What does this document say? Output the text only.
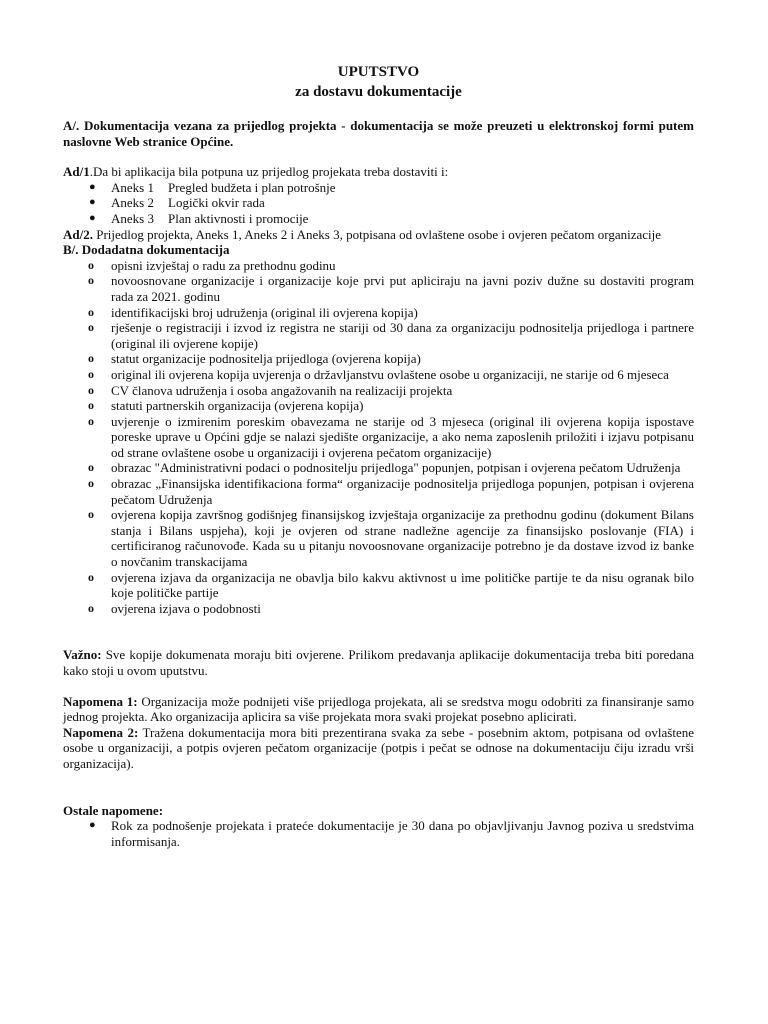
UPUTSTVO
za dostavu dokumentacije

A/. Dokumentacija vezana za prijedlog projekta - dokumentacija se može preuzeti u elektronskoj formi putem naslovne Web stranice Općine.

Ad/1.Da bi aplikacija bila potpuna uz prijedlog projekata treba dostaviti i:
● Aneks 1 Pregled budžeta i plan potrošnje
● Aneks 2 Logički okvir rada
● Aneks 3 Plan aktivnosti i promocije

Ad/2. Prijedlog projekta, Aneks 1, Aneks 2 i Aneks 3, potpisana od ovlaštene osobe i ovjeren pečatom organizacije

B/. Dodadatna dokumentacija
o opisni izvještaj o radu za prethodnu godinu
o novoosnovane organizacije i organizacije koje prvi put apliciraju na javni poziv dužne su dostaviti program rada za 2021. godinu
o identifikacijski broj udruženja (original ili ovjerena kopija)
o rješenje o registraciji i izvod iz registra ne stariji od 30 dana za organizaciju podnositelja prijedloga i partnere (original ili ovjerene kopije)
o statut organizacije podnositelja prijedloga (ovjerena kopija)
o original ili ovjerena kopija uvjerenja o državljanstvu ovlaštene osobe u organizaciji, ne starije od 6 mjeseca
o CV članova udruženja i osoba angažovanih na realizaciji projekta
o statuti partnerskih organizacija (ovjerena kopija)
o uvjerenje o izmirenim poreskim obavezama ne starije od 3 mjeseca (original ili ovjerena kopija ispostave poreske uprave u Općini gdje se nalazi sjedište organizacije, a ako nema zaposlenih priložiti i izjavu potpisanu od strane ovlaštene osobe u organizaciji i ovjerena pečatom organizacije)
o obrazac "Administrativni podaci o podnositelju prijedloga" popunjen, potpisan i ovjerena pečatom Udruženja
o obrazac „Finansijska identifikaciona forma“ organizacije podnositelja prijedloga popunjen, potpisan i ovjerena pečatom Udruženja
o ovjerena kopija završnog godišnjeg finansijskog izvještaja organizacije za prethodnu godinu (dokument Bilans stanja i Bilans uspjeha), koji je ovjeren od strane nadležne agencije za finansijsko poslovanje (FIA) i certificiranog računovođe. Kada su u pitanju novoosnovane organizacije potrebno je da dostave izvod iz banke o novčanim transkacijama
o ovjerena izjava da organizacija ne obavlja bilo kakvu aktivnost u ime političke partije te da nisu ogranak bilo koje političke partije
o ovjerena izjava o podobnosti

Važno: Sve kopije dokumenata moraju biti ovjerene. Prilikom predavanja aplikacije dokumentacija treba biti poredana kako stoji u ovom uputstvu.

Napomena 1: Organizacija može podnijeti više prijedloga projekata, ali se sredstva mogu odobriti za finansiranje samo jednog projekta. Ako organizacija aplicira sa više projekata mora svaki projekat posebno aplicirati.

Napomena 2: Tražena dokumentacija mora biti prezentirana svaka za sebe - posebnim aktom, potpisana od ovlaštene osobe u organizaciji, a potpis ovjeren pečatom organizacije (potpis i pečat se odnose na dokumentaciju čiju izradu vrši organizacija).

Ostale napomene:
● Rok za podnošenje projekata i prateće dokumentacije je 30 dana po objavljivanju Javnog poziva u sredstvima informisanja.
